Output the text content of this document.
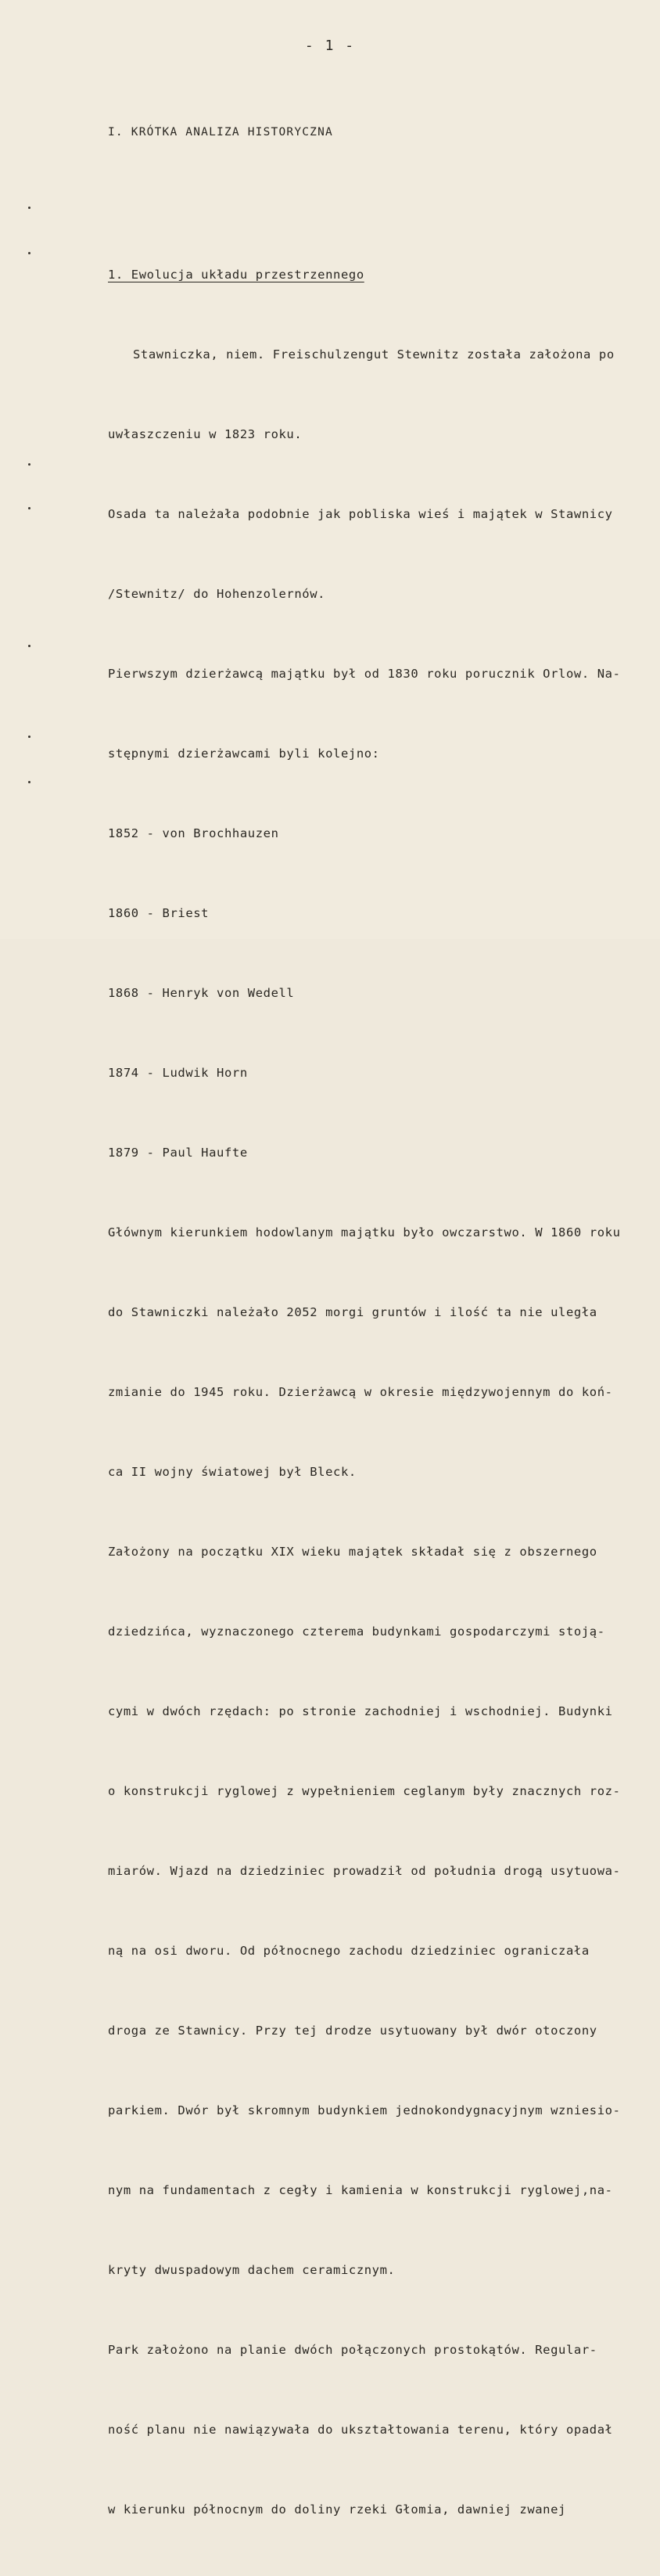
- 1 -

I. KRÓTKA ANALIZA HISTORYCZNA

1. Ewolucja układu przestrzennego

Stawniczka, niem. Freischulzengut Stewnitz została założona po

uwłaszczeniu w 1823 roku.

Osada ta należała podobnie jak pobliska wieś i majątek w Stawnicy

/Stewnitz/ do Hohenzolernów.

Pierwszym dzierżawcą majątku był od 1830 roku porucznik Orlow. Na-

stępnymi dzierżawcami byli kolejno:

1852 - von Brochhauzen

1860 - Briest

1868 - Henryk von Wedell

1874 - Ludwik Horn

1879 - Paul Haufte

Głównym kierunkiem hodowlanym majątku było owczarstwo. W 1860 roku

do Stawniczki należało 2052 morgi gruntów i ilość ta nie uległa

zmianie do 1945 roku. Dzierżawcą w okresie międzywojennym do koń-

ca II wojny światowej był Bleck.

Założony na początku XIX wieku majątek składał się z obszernego

dziedzińca, wyznaczonego czterema budynkami gospodarczymi stoją-

cymi w dwóch rzędach: po stronie zachodniej i wschodniej. Budynki

o konstrukcji ryglowej z wypełnieniem ceglanym były znacznych roz-

miarów. Wjazd na dziedziniec prowadził od południa drogą usytuowa-

ną na osi dworu. Od północnego zachodu dziedziniec ograniczała

droga ze Stawnicy. Przy tej drodze usytuowany był dwór otoczony

parkiem. Dwór był skromnym budynkiem jednokondygnacyjnym wzniesio-

nym na fundamentach z cegły i kamienia w konstrukcji ryglowej,na-

kryty dwuspadowym dachem ceramicznym.

Park założono na planie dwóch połączonych prostokątów. Regular-

ność planu nie nawiązywała do ukształtowania terenu, który opadał

w kierunku północnym do doliny rzeki Głomia, dawniej zwanej
